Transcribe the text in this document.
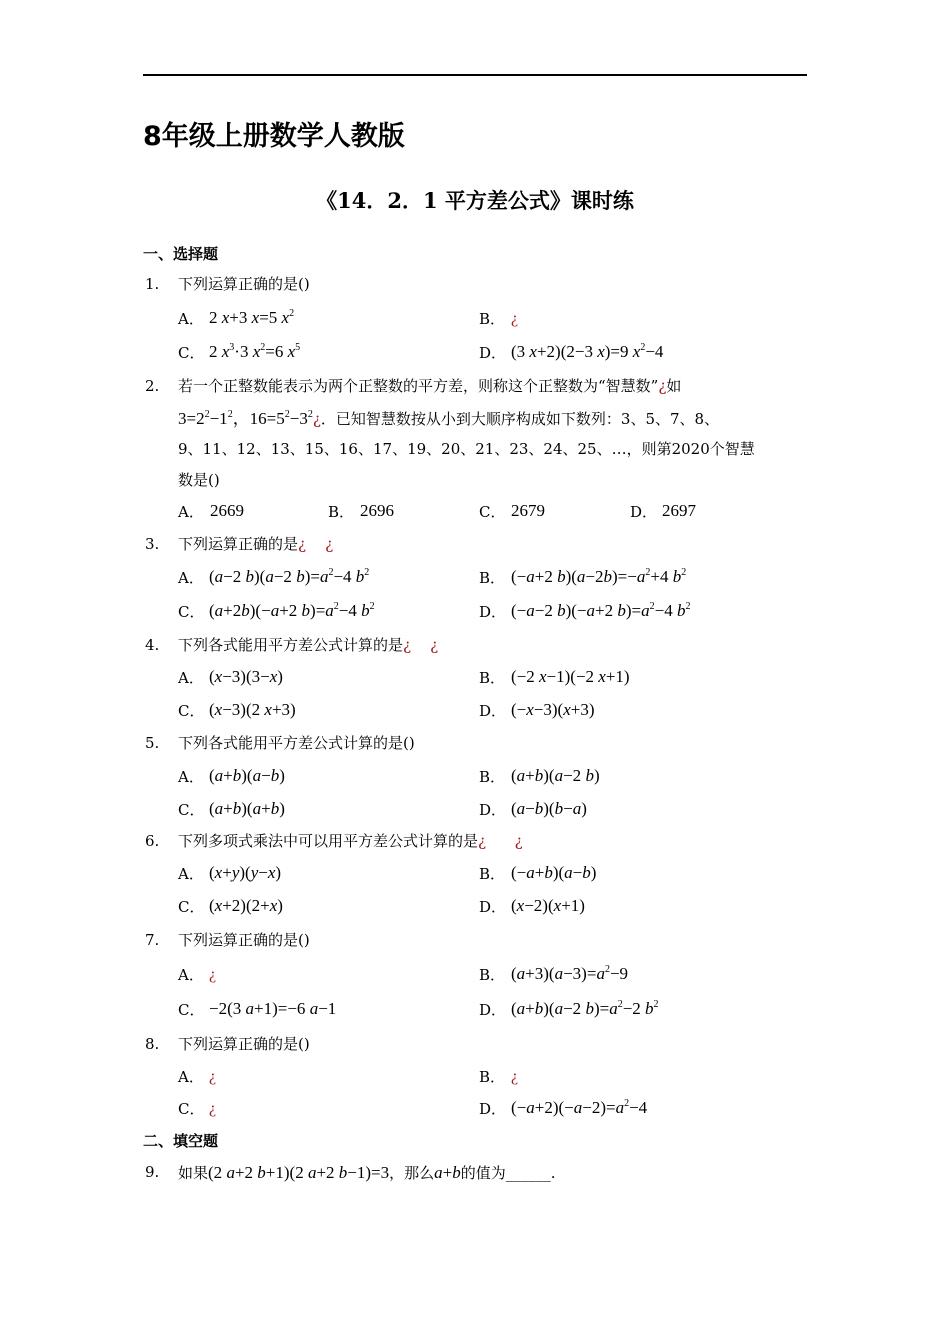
8年级上册数学人教版
《14．2．1 平方差公式》课时练
一、选择题
1. 下列运算正确的是()
A． 2 x+3 x=5 $x^2$	B． ¿
C． 2 $x^3\cdot 3$ $x^2=6$ $x^5$	D． (3 x+2)(2−3 x)=9 $x^2-4$
2. 若一个正整数能表示为两个正整数的平方差，则称这个正整数为“智慧数”¿如
$3=2^2-1^2$，$16=5^2-3^2¿$．已知智慧数按从小到大顺序构成如下数列：3、5、7、8、
9、11、12、13、15、16、17、19、20、21、23、24、25、…，则第2020个智慧
数是()
A． 2669	B． 2696	C． 2679	D． 2697
3. 下列运算正确的是¿ ¿
A． (a−2 b)(a−2 $b)=a^2-4$ $b^2$	B． (−a+2 $b)(a-2b)=-a^2+4$ $b^2$
C． (a+2b)(−a+2 $b)=a^2-4$ $b^2$	D． (−a−2 b)(−a+2 $b)=a^2-4$ $b^2$
4. 下列各式能用平方差公式计算的是¿ ¿
A． (x−3)(3−x)	B． (−2 x−1)(−2 x+1)
C． (x−3)(2 x+3)	D． (−x−3)(x+3)
5. 下列各式能用平方差公式计算的是()
A． (a+b)(a−b)	B． (a+b)(a−2 b)
C． (a+b)(a+b)	D． (a−b)(b−a)
6. 下列多项式乘法中可以用平方差公式计算的是¿ ¿
A． (x+y)(y−x)	B． (−a+b)(a−b)
C． (x+2)(2+x)	D． (x−2)(x+1)
7. 下列运算正确的是()
A． ¿	B． $(a+3)(a-3)=a^2-9$
C． −2(3 a+1)=−6 a−1	D． (a+b)(a−2 $b)=a^2-2$ $b^2$
8. 下列运算正确的是()
A． ¿	B． ¿
C． ¿	D． $(-a+2)(-a-2)=a^2-4$
二、填空题
9. 如果(2 a+2 b+1)(2 a+2 b−1)=3，那么a+b的值为______.
